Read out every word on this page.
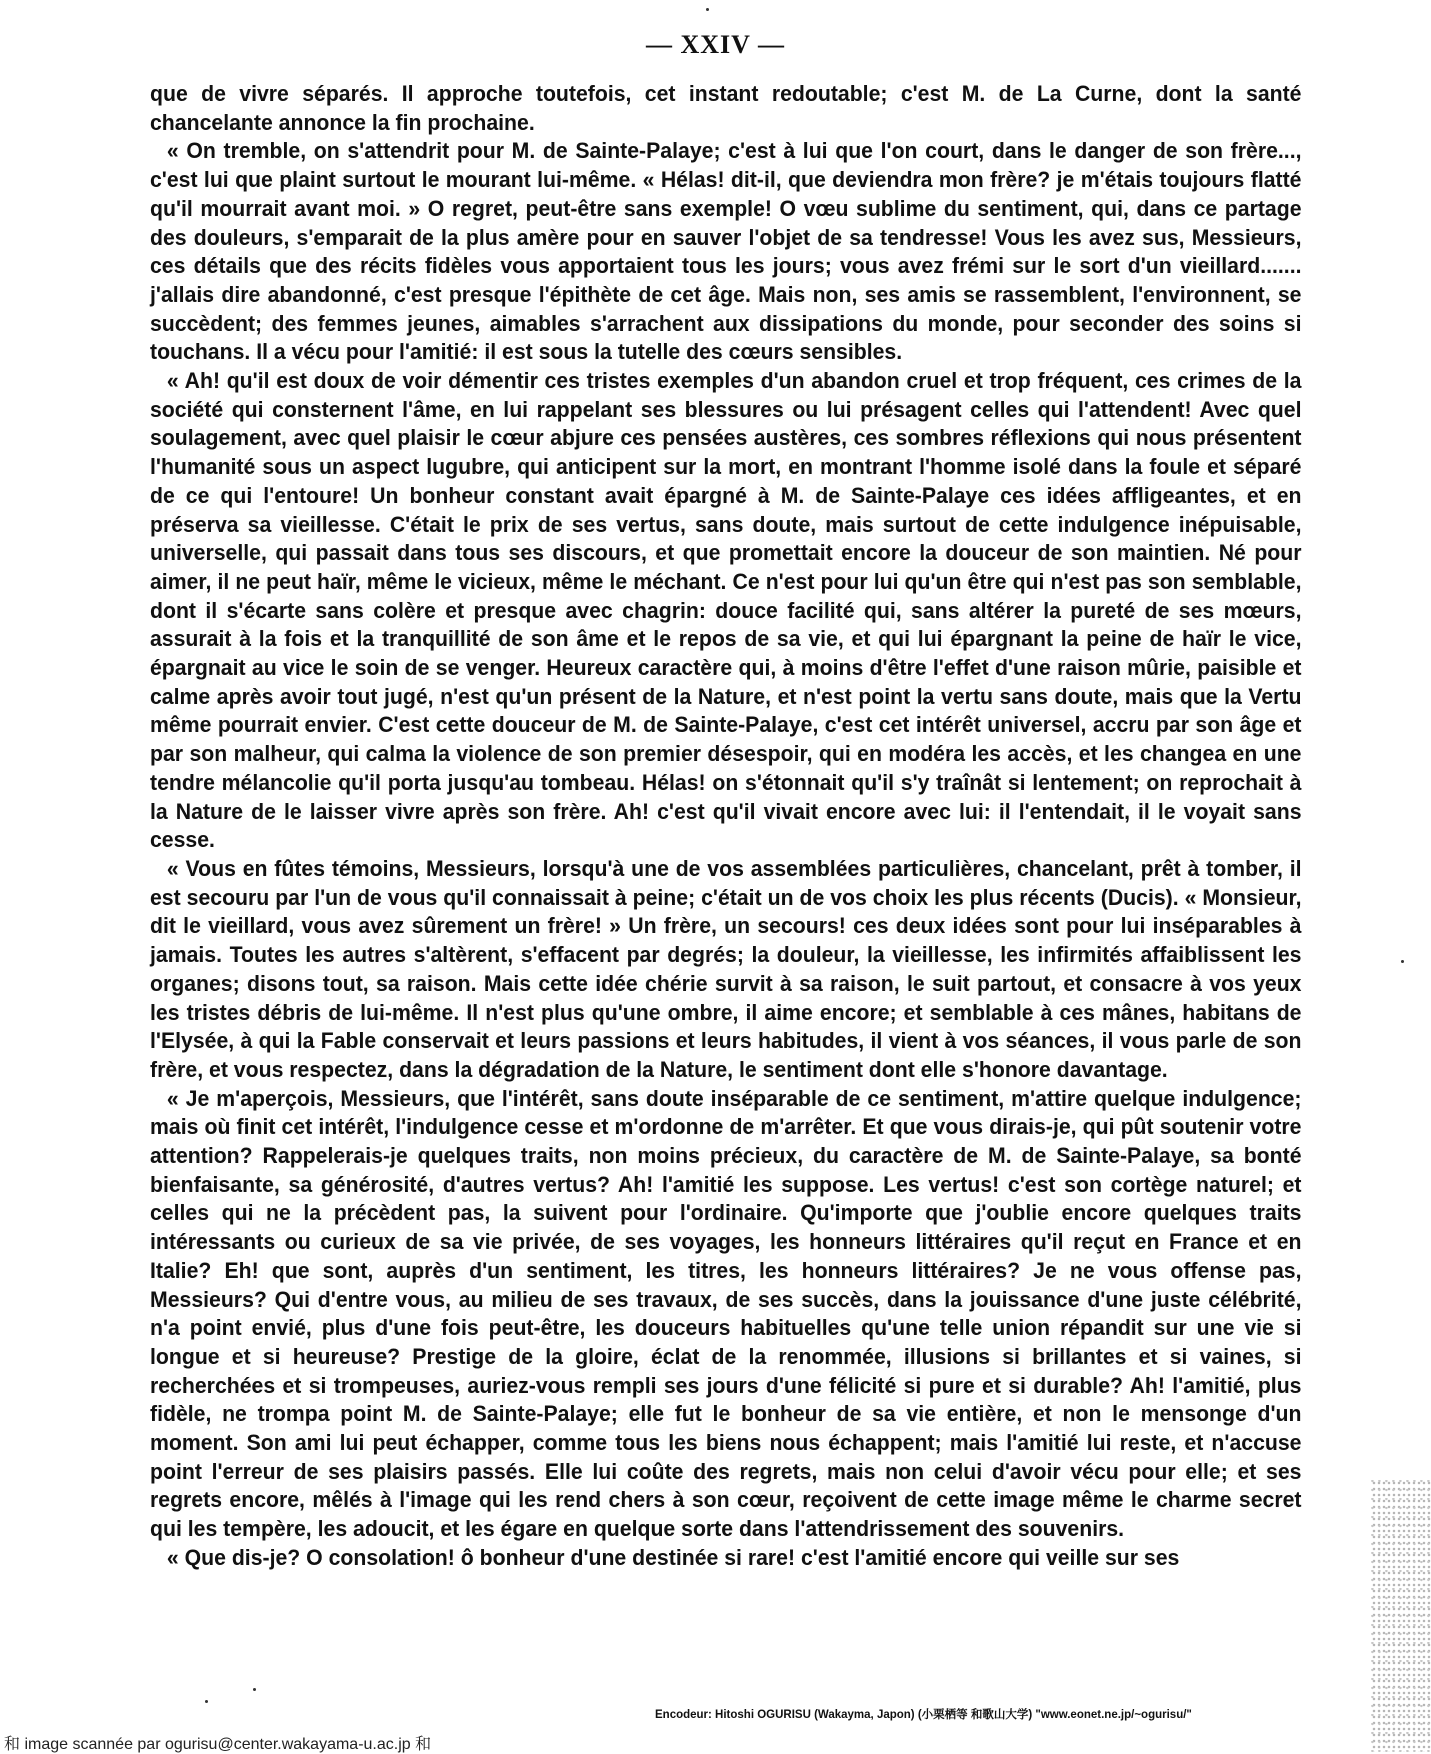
— XXIV —

que de vivre séparés. Il approche toutefois, cet instant redoutable; c'est M. de La Curne, dont la santé chancelante annonce la fin prochaine.

« On tremble, on s'attendrit pour M. de Sainte-Palaye; c'est à lui que l'on court, dans le danger de son frère..., c'est lui que plaint surtout le mourant lui-même. « Hélas! dit-il, que deviendra mon frère? je m'étais toujours flatté qu'il mourrait avant moi. » O regret, peut-être sans exemple! O vœu sublime du sentiment, qui, dans ce partage des douleurs, s'emparait de la plus amère pour en sauver l'objet de sa tendresse! Vous les avez sus, Messieurs, ces détails que des récits fidèles vous apportaient tous les jours; vous avez frémi sur le sort d'un vieillard....... j'allais dire abandonné, c'est presque l'épithète de cet âge. Mais non, ses amis se rassemblent, l'environnent, se succèdent; des femmes jeunes, aimables s'arrachent aux dissipations du monde, pour seconder des soins si touchans. Il a vécu pour l'amitié: il est sous la tutelle des cœurs sensibles.

« Ah! qu'il est doux de voir démentir ces tristes exemples d'un abandon cruel et trop fréquent, ces crimes de la société qui consternent l'âme, en lui rappelant ses blessures ou lui présagent celles qui l'attendent! Avec quel soulagement, avec quel plaisir le cœur abjure ces pensées austères, ces sombres réflexions qui nous présentent l'humanité sous un aspect lugubre, qui anticipent sur la mort, en montrant l'homme isolé dans la foule et séparé de ce qui l'entoure! Un bonheur constant avait épargné à M. de Sainte-Palaye ces idées affligeantes, et en préserva sa vieillesse. C'était le prix de ses vertus, sans doute, mais surtout de cette indulgence inépuisable, universelle, qui passait dans tous ses discours, et que promettait encore la douceur de son maintien. Né pour aimer, il ne peut haïr, même le vicieux, même le méchant. Ce n'est pour lui qu'un être qui n'est pas son semblable, dont il s'écarte sans colère et presque avec chagrin: douce facilité qui, sans altérer la pureté de ses mœurs, assurait à la fois et la tranquillité de son âme et le repos de sa vie, et qui lui épargnant la peine de haïr le vice, épargnait au vice le soin de se venger. Heureux caractère qui, à moins d'être l'effet d'une raison mûrie, paisible et calme après avoir tout jugé, n'est qu'un présent de la Nature, et n'est point la vertu sans doute, mais que la Vertu même pourrait envier. C'est cette douceur de M. de Sainte-Palaye, c'est cet intérêt universel, accru par son âge et par son malheur, qui calma la violence de son premier désespoir, qui en modéra les accès, et les changea en une tendre mélancolie qu'il porta jusqu'au tombeau. Hélas! on s'étonnait qu'il s'y traînât si lentement; on reprochait à la Nature de le laisser vivre après son frère. Ah! c'est qu'il vivait encore avec lui: il l'entendait, il le voyait sans cesse.

« Vous en fûtes témoins, Messieurs, lorsqu'à une de vos assemblées particulières, chancelant, prêt à tomber, il est secouru par l'un de vous qu'il connaissait à peine; c'était un de vos choix les plus récents (Ducis). « Monsieur, dit le vieillard, vous avez sûrement un frère! » Un frère, un secours! ces deux idées sont pour lui inséparables à jamais. Toutes les autres s'altèrent, s'effacent par degrés; la douleur, la vieillesse, les infirmités affaiblissent les organes; disons tout, sa raison. Mais cette idée chérie survit à sa raison, le suit partout, et consacre à vos yeux les tristes débris de lui-même. Il n'est plus qu'une ombre, il aime encore; et semblable à ces mânes, habitans de l'Elysée, à qui la Fable conservait et leurs passions et leurs habitudes, il vient à vos séances, il vous parle de son frère, et vous respectez, dans la dégradation de la Nature, le sentiment dont elle s'honore davantage.

« Je m'aperçois, Messieurs, que l'intérêt, sans doute inséparable de ce sentiment, m'attire quelque indulgence; mais où finit cet intérêt, l'indulgence cesse et m'ordonne de m'arrêter. Et que vous dirais-je, qui pût soutenir votre attention? Rappelerais-je quelques traits, non moins précieux, du caractère de M. de Sainte-Palaye, sa bonté bienfaisante, sa générosité, d'autres vertus? Ah! l'amitié les suppose. Les vertus! c'est son cortège naturel; et celles qui ne la précèdent pas, la suivent pour l'ordinaire. Qu'importe que j'oublie encore quelques traits intéressants ou curieux de sa vie privée, de ses voyages, les honneurs littéraires qu'il reçut en France et en Italie? Eh! que sont, auprès d'un sentiment, les titres, les honneurs littéraires? Je ne vous offense pas, Messieurs? Qui d'entre vous, au milieu de ses travaux, de ses succès, dans la jouissance d'une juste célébrité, n'a point envié, plus d'une fois peut-être, les douceurs habituelles qu'une telle union répandit sur une vie si longue et si heureuse? Prestige de la gloire, éclat de la renommée, illusions si brillantes et si vaines, si recherchées et si trompeuses, auriez-vous rempli ses jours d'une félicité si pure et si durable? Ah! l'amitié, plus fidèle, ne trompa point M. de Sainte-Palaye; elle fut le bonheur de sa vie entière, et non le mensonge d'un moment. Son ami lui peut échapper, comme tous les biens nous échappent; mais l'amitié lui reste, et n'accuse point l'erreur de ses plaisirs passés. Elle lui coûte des regrets, mais non celui d'avoir vécu pour elle; et ses regrets encore, mêlés à l'image qui les rend chers à son cœur, reçoivent de cette image même le charme secret qui les tempère, les adoucit, et les égare en quelque sorte dans l'attendrissement des souvenirs.

« Que dis-je? O consolation! ô bonheur d'une destinée si rare! c'est l'amitié encore qui veille sur ses

Encodeur: Hitoshi OGURISU (Wakayma, Japon) (小栗栖等 和歌山大学) "www.eonet.ne.jp/~ogurisu/"
和 image scannée par ogurisu@center.wakayama-u.ac.jp 和
